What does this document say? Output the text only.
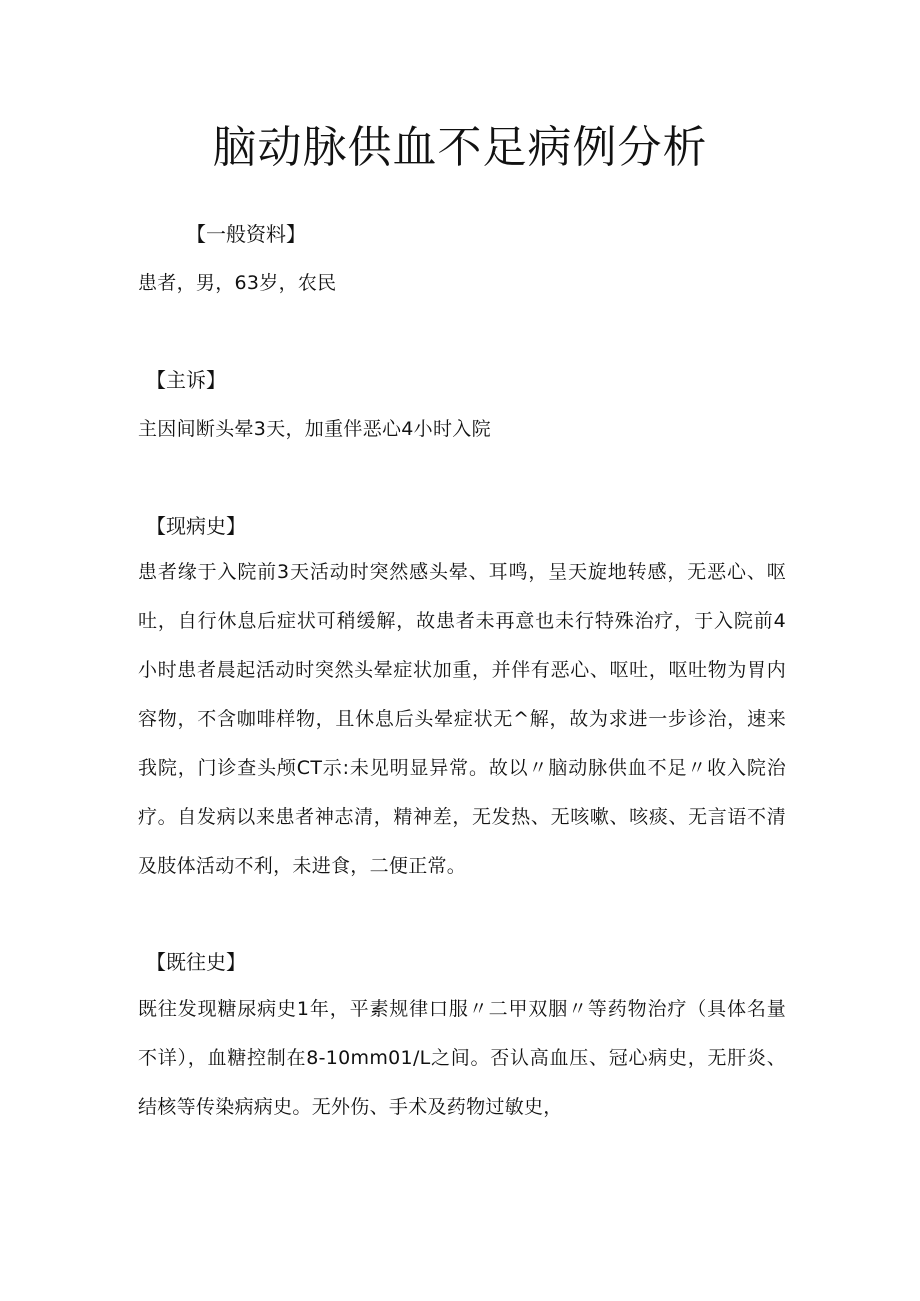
脑动脉供血不足病例分析

【一般资料】

患者，男，63岁，农民

【主诉】

主因间断头晕3天，加重伴恶心4小时入院

【现病史】

患者缘于入院前3天活动时突然感头晕、耳鸣，呈天旋地转感，无恶心、呕吐，自行休息后症状可稍缓解，故患者未再意也未行特殊治疗，于入院前4小时患者晨起活动时突然头晕症状加重，并伴有恶心、呕吐，呕吐物为胃内容物，不含咖啡样物，且休息后头晕症状无^解，故为求进一步诊治，速来我院，门诊查头颅CT示:未见明显异常。故以〃脑动脉供血不足〃收入院治疗。自发病以来患者神志清，精神差，无发热、无咳嗽、咳痰、无言语不清及肢体活动不利，未进食，二便正常。

【既往史】

既往发现糖尿病史1年，平素规律口服〃二甲双胭〃等药物治疗（具体名量不详），血糖控制在8-10mm01/L之间。否认高血压、冠心病史，无肝炎、结核等传染病病史。无外伤、手术及药物过敏史，
